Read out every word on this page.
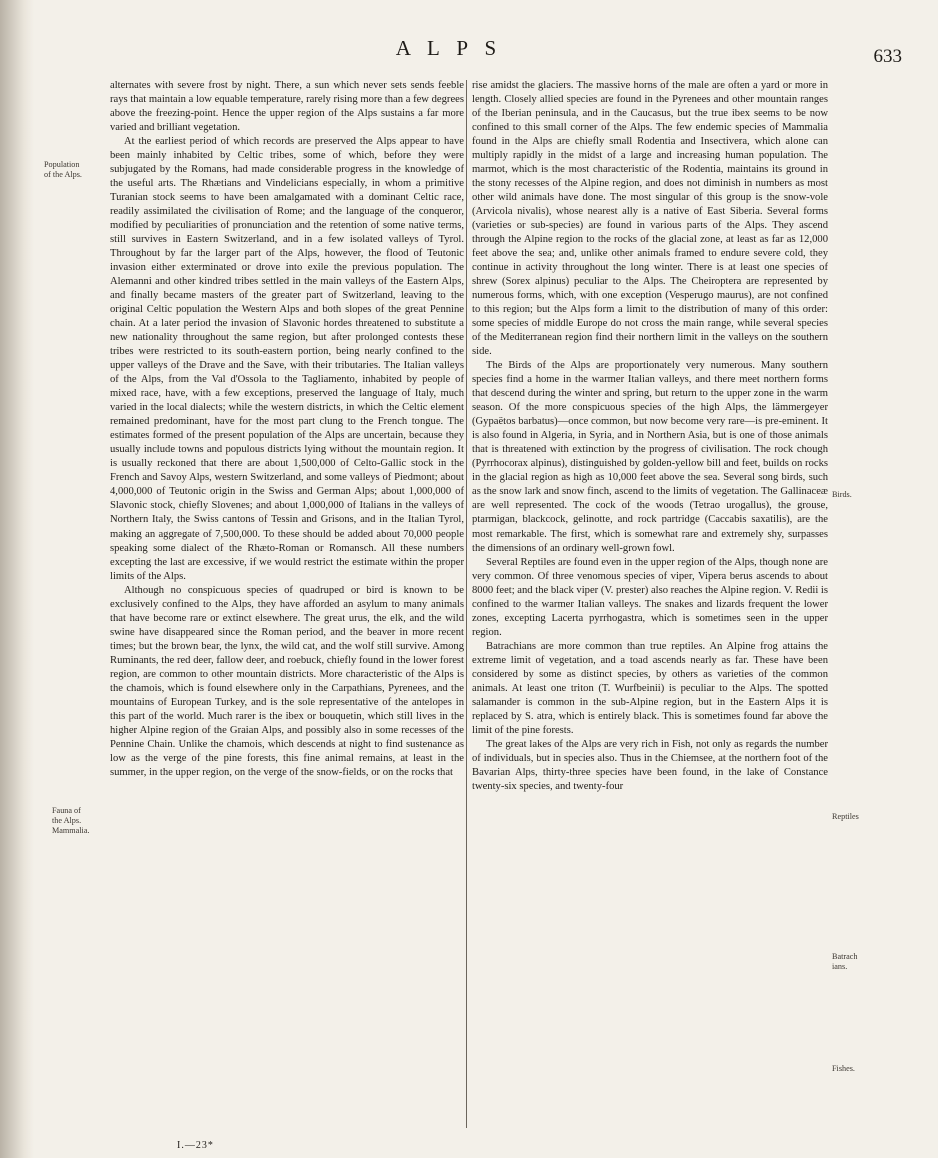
A L P S	633
Population
of the Alps.
Fauna of
the Alps.
Mammalia.

alternates with severe frost by night. There, a sun which never sets sends feeble rays that maintain a low equable temperature, rarely rising more than a few degrees above the freezing-point. Hence the upper region of the Alps sustains a far more varied and brilliant vegetation.

At the earliest period of which records are preserved the Alps appear to have been mainly inhabited by Celtic tribes, some of which, before they were subjugated by the Romans, had made considerable progress in the knowledge of the useful arts. The Rhætians and Vindelicians especially, in whom a primitive Turanian stock seems to have been amalgamated with a dominant Celtic race, readily assimilated the civilisation of Rome; and the language of the conqueror, modified by peculiarities of pronunciation and the retention of some native terms, still survives in Eastern Switzerland, and in a few isolated valleys of Tyrol. Throughout by far the larger part of the Alps, however, the flood of Teutonic invasion either exterminated or drove into exile the previous population. The Alemanni and other kindred tribes settled in the main valleys of the Eastern Alps, and finally became masters of the greater part of Switzerland, leaving to the original Celtic population the Western Alps and both slopes of the great Pennine chain. At a later period the invasion of Slavonic hordes threatened to substitute a new nationality throughout the same region, but after prolonged contests these tribes were restricted to its south-eastern portion, being nearly confined to the upper valleys of the Drave and the Save, with their tributaries. The Italian valleys of the Alps, from the Val d'Ossola to the Tagliamento, inhabited by people of mixed race, have, with a few exceptions, preserved the language of Italy, much varied in the local dialects; while the western districts, in which the Celtic element remained predominant, have for the most part clung to the French tongue. The estimates formed of the present population of the Alps are uncertain, because they usually include towns and populous districts lying without the mountain region. It is usually reckoned that there are about 1,500,000 of Celto-Gallic stock in the French and Savoy Alps, western Switzerland, and some valleys of Piedmont; about 4,000,000 of Teutonic origin in the Swiss and German Alps; about 1,000,000 of Slavonic stock, chiefly Slovenes; and about 1,000,000 of Italians in the valleys of Northern Italy, the Swiss cantons of Tessin and Grisons, and in the Italian Tyrol, making an aggregate of 7,500,000. To these should be added about 70,000 people speaking some dialect of the Rhæto-Roman or Romansch. All these numbers excepting the last are excessive, if we would restrict the estimate within the proper limits of the Alps.

Although no conspicuous species of quadruped or bird is known to be exclusively confined to the Alps, they have afforded an asylum to many animals that have become rare or extinct elsewhere. The great urus, the elk, and the wild swine have disappeared since the Roman period, and the beaver in more recent times; but the brown bear, the lynx, the wild cat, and the wolf still survive. Among Ruminants, the red deer, fallow deer, and roebuck, chiefly found in the lower forest region, are common to other mountain districts. More characteristic of the Alps is the chamois, which is found elsewhere only in the Carpathians, Pyrenees, and the mountains of European Turkey, and is the sole representative of the antelopes in this part of the world. Much rarer is the ibex or bouquetin, which still lives in the higher Alpine region of the Graian Alps, and possibly also in some recesses of the Pennine Chain. Unlike the chamois, which descends at night to find sustenance as low as the verge of the pine forests, this fine animal remains, at least in the summer, in the upper region, on the verge of the snow-fields, or on the rocks that

rise amidst the glaciers. The massive horns of the male are often a yard or more in length. Closely allied species are found in the Pyrenees and other mountain ranges of the Iberian peninsula, and in the Caucasus, but the true ibex seems to be now confined to this small corner of the Alps. The few endemic species of Mammalia found in the Alps are chiefly small Rodentia and Insectivera, which alone can multiply rapidly in the midst of a large and increasing human population. The marmot, which is the most characteristic of the Rodentia, maintains its ground in the stony recesses of the Alpine region, and does not diminish in numbers as most other wild animals have done. The most singular of this group is the snow-vole (Arvicola nivalis), whose nearest ally is a native of East Siberia. Several forms (varieties or sub-species) are found in various parts of the Alps. They ascend through the Alpine region to the rocks of the glacial zone, at least as far as 12,000 feet above the sea; and, unlike other animals framed to endure severe cold, they continue in activity throughout the long winter. There is at least one species of shrew (Sorex alpinus) peculiar to the Alps. The Cheiroptera are represented by numerous forms, which, with one exception (Vesperugo maurus), are not confined to this region; but the Alps form a limit to the distribution of many of this order: some species of middle Europe do not cross the main range, while several species of the Mediterranean region find their northern limit in the valleys on the southern side.

The Birds of the Alps are proportionately very numerous. Many southern species find a home in the warmer Italian valleys, and there meet northern forms that descend during the winter and spring, but return to the upper zone in the warm season. Of the more conspicuous species of the high Alps, the lämmergeyer (Gypaëtos barbatus)—once common, but now become very rare—is pre-eminent. It is also found in Algeria, in Syria, and in Northern Asia, but is one of those animals that is threatened with extinction by the progress of civilisation. The rock chough (Pyrrhocorax alpinus), distinguished by golden-yellow bill and feet, builds on rocks in the glacial region as high as 10,000 feet above the sea. Several song birds, such as the snow lark and snow finch, ascend to the limits of vegetation. The Gallinaceæ are well represented. The cock of the woods (Tetrao urogallus), the grouse, ptarmigan, blackcock, gelinotte, and rock partridge (Caccabis saxatilis), are the most remarkable. The first, which is somewhat rare and extremely shy, surpasses the dimensions of an ordinary well-grown fowl.

Several Reptiles are found even in the upper region of the Alps, though none are very common. Of three venomous species of viper, Vipera berus ascends to about 8000 feet; and the black viper (V. prester) also reaches the Alpine region. V. Redii is confined to the warmer Italian valleys. The snakes and lizards frequent the lower zones, excepting Lacerta pyrrhogastra, which is sometimes seen in the upper region.

Batrachians are more common than true reptiles. An Alpine frog attains the extreme limit of vegetation, and a toad ascends nearly as far. These have been considered by some as distinct species, by others as varieties of the common animals. At least one triton (T. Wurfbeinii) is peculiar to the Alps. The spotted salamander is common in the sub-Alpine region, but in the Eastern Alps it is replaced by S. atra, which is entirely black. This is sometimes found far above the limit of the pine forests.

The great lakes of the Alps are very rich in Fish, not only as regards the number of individuals, but in species also. Thus in the Chiemsee, at the northern foot of the Bavarian Alps, thirty-three species have been found, in the lake of Constance twenty-six species, and twenty-four

Birds.
Reptiles
Batrach
ians.
Fishes.
I.—23*
